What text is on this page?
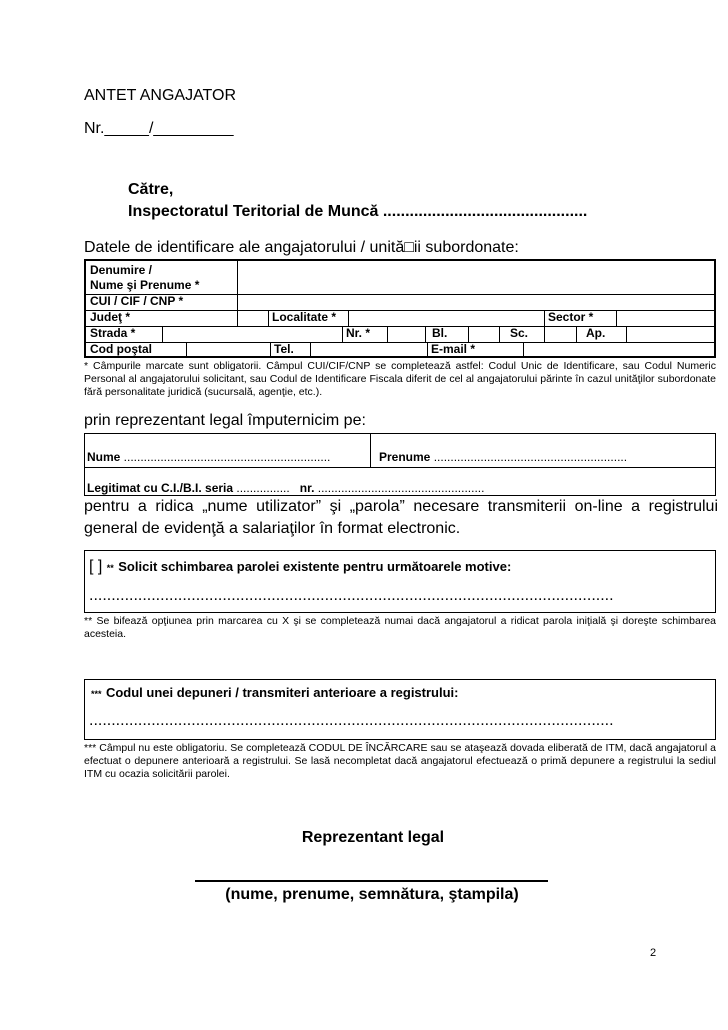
ANTET ANGAJATOR
Nr._____/_________
Către,
Inspectoratul Teritorial de Muncă ..............................................
Datele de identificare ale angajatorului / unită□ii subordonate:
Denumire /
Nume şi Prenume *
CUI / CIF / CNP *
Judeţ *	Localitate *	Sector *
Strada *	Nr. *	Bl.	Sc.	Ap.
Cod poştal	Tel.	E-mail *
* Câmpurile marcate sunt obligatorii. Câmpul CUI/CIF/CNP se completează astfel: Codul Unic de Identificare, sau Codul Numeric Personal al angajatorului solicitant, sau Codul de Identificare Fiscala diferit de cel al angajatorului părinte în cazul unităţilor subordonate fără personalitate juridică (sucursală, agenţie, etc.).
prin reprezentant legal împuternicim pe:
Nume ..............................................................	Prenume ..........................................................
Legitimat cu C.I./B.I. seria ................ nr. ..................................................
pentru a ridica „nume utilizator” şi „parola” necesare transmiterii on-line a registrului general de evidenţă a salariaţilor în format electronic.
[ ] ** Solicit schimbarea parolei existente pentru următoarele motive:
......................................................................................................................
** Se bifează opţiunea prin marcarea cu X şi se completează numai dacă angajatorul a ridicat parola iniţială şi doreşte schimbarea acesteia.
*** Codul unei depuneri / transmiteri anterioare a registrului:
......................................................................................................................
*** Câmpul nu este obligatoriu. Se completează CODUL DE ÎNCĂRCARE sau se ataşează dovada eliberată de ITM, dacă angajatorul a efectuat o depunere anterioară a registrului. Se lasă necompletat dacă angajatorul efectuează o primă depunere a registrului la sediul ITM cu ocazia solicitării parolei.
Reprezentant legal
(nume, prenume, semnătura, ştampila)
2
